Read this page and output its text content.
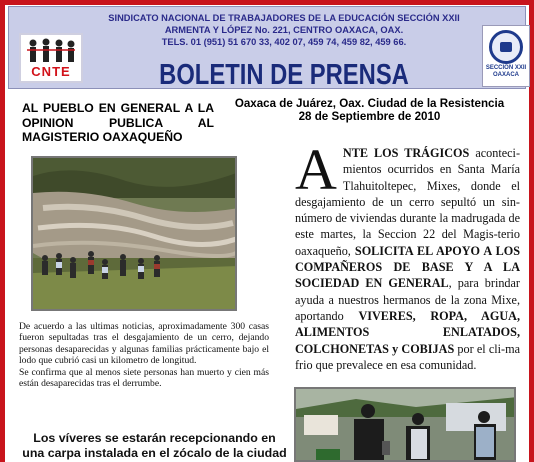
CNTE
SINDICATO NACIONAL DE TRABAJADORES DE LA EDUCACIÓN SECCIÓN XXII
ARMENTA Y LÓPEZ No. 221, CENTRO OAXACA, OAX.
TELS. 01 (951) 51 670 33, 402 07, 459 74, 459 82, 459 66.
BOLETIN DE PRENSA	SECCION XXII OAXACA
AL PUEBLO EN GENERAL A LA OPINION PUBLICA AL MAGISTERIO OAXAQUEÑO
Oaxaca de Juárez, Oax. Ciudad de la Resistencia
28 de Septiembre de 2010

De acuerdo a las ultimas noticias, aproximadamente 300 casas fueron sepultadas tras el desgajamiento de un cerro, dejando personas desaparecidas y algunas familias prácticamente bajo el lodo que cubrió casi un kilometro de longitud.

Se confirma que al menos siete personas han muerto y cien más están desaparecidas tras el derrumbe.

Los víveres se estarán recepcionando en
una carpa instalada en el zócalo de la ciudad
ANTE LOS TRÁGICOS aconteci-mientos ocurridos en Santa María Tlahuitoltepec, Mixes, donde el desgajamiento de un cerro sepultó un sin-número de viviendas durante la madrugada de este martes, la Seccion 22 del Magis-terio oaxaqueño, SOLICITA EL APOYO A LOS COMPAÑEROS DE BASE Y A LA SOCIEDAD EN GENERAL, para brindar ayuda a nuestros hermanos de la zona Mixe, aportando VIVERES, ROPA, AGUA, ALIMENTOS ENLATADOS, COLCHONETAS y COBIJAS por el cli-ma frio que prevalece en esa comunidad.
